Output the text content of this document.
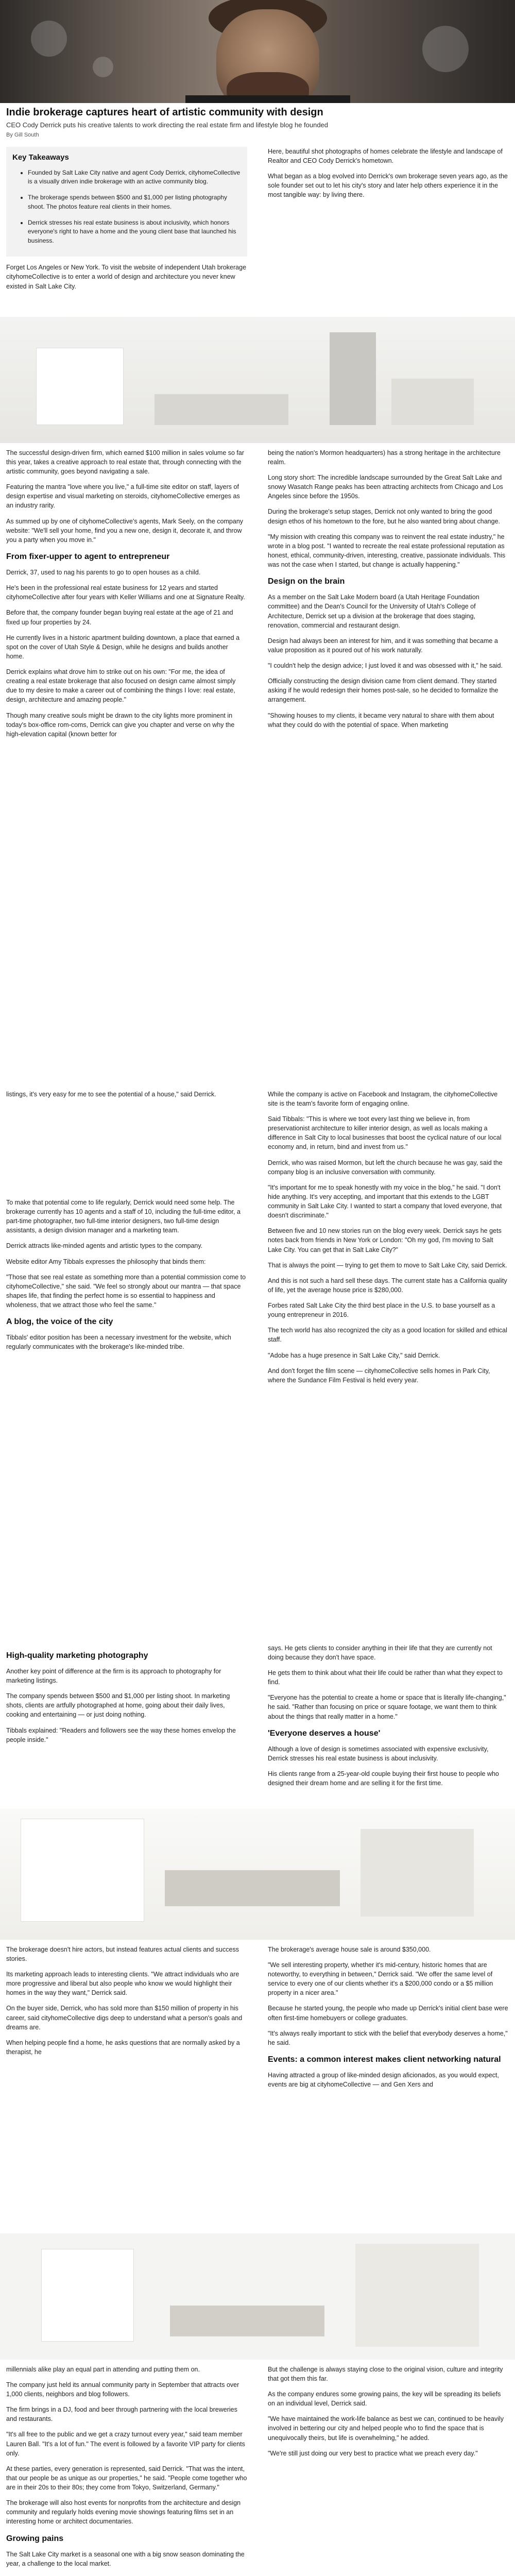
Indie brokerage captures heart of artistic community with design
CEO Cody Derrick puts his creative talents to work directing the real estate firm and lifestyle blog he founded
By Gill South
Key Takeaways
• Founded by Salt Lake City native and agent Cody Derrick, cityhomeCollective is a visually driven indie brokerage with an active community blog.
• The brokerage spends between $500 and $1,000 per listing photography shoot. The photos feature real clients in their homes.
• Derrick stresses his real estate business is about inclusivity, which honors everyone's right to have a home and the young client base that launched his business.

Forget Los Angeles or New York. To visit the website of independent Utah brokerage cityhomeCollective is to enter a world of design and architecture you never knew existed in Salt Lake City.

Here, beautiful shot photographs of homes celebrate the lifestyle and landscape of Realtor and CEO Cody Derrick's hometown.

What began as a blog evolved into Derrick's own brokerage seven years ago, as the sole founder set out to let his city's story and later help others experience it in the most tangible way: by living there.

The successful design-driven firm, which earned $100 million in sales volume so far this year, takes a creative approach to real estate that, through connecting with the artistic community, goes beyond navigating a sale.

Featuring the mantra "love where you live," a full-time site editor on staff, layers of design expertise and visual marketing on steroids, cityhomeCollective emerges as an industry rarity.

As summed up by one of cityhomeCollective's agents, Mark Seely, on the company website: "We'll sell your home, find you a new one, design it, decorate it, and throw you a party when you move in."

From fixer-upper to agent to entrepreneur

Derrick, 37, used to nag his parents to go to open houses as a child.

He's been in the professional real estate business for 12 years and started cityhomeCollective after four years with Keller Williams and one at Signature Realty.

Before that, the company founder began buying real estate at the age of 21 and fixed up four properties by 24.

He currently lives in a historic apartment building downtown, a place that earned a spot on the cover of Utah Style & Design, while he designs and builds another home.

Derrick explains what drove him to strike out on his own: "For me, the idea of creating a real estate brokerage that also focused on design came almost simply due to my desire to make a career out of combining the things I love: real estate, design, architecture and amazing people."

Though many creative souls might be drawn to the city lights more prominent in today's box-office rom-coms, Derrick can give you chapter and verse on why the high-elevation capital (known better for

being the nation's Mormon headquarters) has a strong heritage in the architecture realm.

Long story short: The incredible landscape surrounded by the Great Salt Lake and snowy Wasatch Range peaks has been attracting architects from Chicago and Los Angeles since before the 1950s.

During the brokerage's setup stages, Derrick not only wanted to bring the good design ethos of his hometown to the fore, but he also wanted bring about change.

"My mission with creating this company was to reinvent the real estate industry," he wrote in a blog post. "I wanted to recreate the real estate professional reputation as honest, ethical, community-driven, interesting, creative, passionate individuals. This was not the case when I started, but change is actually happening."

Design on the brain

As a member on the Salt Lake Modern board (a Utah Heritage Foundation committee) and the Dean's Council for the University of Utah's College of Architecture, Derrick set up a division at the brokerage that does staging, renovation, commercial and restaurant design.

Design had always been an interest for him, and it was something that became a value proposition as it poured out of his work naturally.

"I couldn't help the design advice; I just loved it and was obsessed with it," he said.

Officially constructing the design division came from client demand. They started asking if he would redesign their homes post-sale, so he decided to formalize the arrangement.

"Showing houses to my clients, it became very natural to share with them about what they could do with the potential of space. When marketing

listings, it's very easy for me to see the potential of a house," said Derrick.

To make that potential come to life regularly, Derrick would need some help. The brokerage currently has 10 agents and a staff of 10, including the full-time editor, a part-time photographer, two full-time interior designers, two full-time design assistants, a design division manager and a marketing team.

Derrick attracts like-minded agents and artistic types to the company.

Website editor Amy Tibbals expresses the philosophy that binds them:

"Those that see real estate as something more than a potential commission come to cityhomeCollective," she said. "We feel so strongly about our mantra — that space shapes life, that finding the perfect home is so essential to happiness and wholeness, that we attract those who feel the same."

A blog, the voice of the city

Tibbals' editor position has been a necessary investment for the website, which regularly communicates with the brokerage's like-minded tribe.

While the company is active on Facebook and Instagram, the cityhomeCollective site is the team's favorite form of engaging online.

Said Tibbals: "This is where we toot every last thing we believe in, from preservationist architecture to killer interior design, as well as locals making a difference in Salt City to local businesses that boost the cyclical nature of our local economy and, in return, bind and invest from us."

Derrick, who was raised Mormon, but left the church because he was gay, said the company blog is an inclusive conversation with community.

"It's important for me to speak honestly with my voice in the blog," he said. "I don't hide anything. It's very accepting, and important that this extends to the LGBT community in Salt Lake City. I wanted to start a company that loved everyone, that doesn't discriminate."

Between five and 10 new stories run on the blog every week. Derrick says he gets notes back from friends in New York or London: "Oh my god, I'm moving to Salt Lake City. You can get that in Salt Lake City?"

That is always the point — trying to get them to move to Salt Lake City, said Derrick.

And this is not such a hard sell these days. The current state has a California quality of life, yet the average house price is $280,000.

Forbes rated Salt Lake City the third best place in the U.S. to base yourself as a young entrepreneur in 2016.

The tech world has also recognized the city as a good location for skilled and ethical staff.

"Adobe has a huge presence in Salt Lake City," said Derrick.

And don't forget the film scene — cityhomeCollective sells homes in Park City, where the Sundance Film Festival is held every year.

High-quality marketing photography

Another key point of difference at the firm is its approach to photography for marketing listings.

The company spends between $500 and $1,000 per listing shoot. In marketing shots, clients are artfully photographed at home, going about their daily lives, cooking and entertaining — or just doing nothing.

Tibbals explained: "Readers and followers see the way these homes envelop the people inside."

says. He gets clients to consider anything in their life that they are currently not doing because they don't have space.

He gets them to think about what their life could be rather than what they expect to find.

"Everyone has the potential to create a home or space that is literally life-changing," he said. "Rather than focusing on price or square footage, we want them to think about the things that really matter in a home."

'Everyone deserves a house'

Although a love of design is sometimes associated with expensive exclusivity, Derrick stresses his real estate business is about inclusivity.

His clients range from a 25-year-old couple buying their first house to people who designed their dream home and are selling it for the first time.

The brokerage doesn't hire actors, but instead features actual clients and success stories.

Its marketing approach leads to interesting clients. "We attract individuals who are more progressive and liberal but also people who know we would highlight their homes in the way they want," Derrick said.

On the buyer side, Derrick, who has sold more than $150 million of property in his career, said cityhomeCollective digs deep to understand what a person's goals and dreams are.

When helping people find a home, he asks questions that are normally asked by a therapist, he

The brokerage's average house sale is around $350,000.

"We sell interesting property, whether it's mid-century, historic homes that are noteworthy, to everything in between," Derrick said. "We offer the same level of service to every one of our clients whether it's a $200,000 condo or a $5 million property in a nicer area."

Because he started young, the people who made up Derrick's initial client base were often first-time homebuyers or college graduates.

"It's always really important to stick with the belief that everybody deserves a home," he said.

Events: a common interest makes client networking natural

Having attracted a group of like-minded design aficionados, as you would expect, events are big at cityhomeCollective — and Gen Xers and

millennials alike play an equal part in attending and putting them on.

The company just held its annual community party in September that attracts over 1,000 clients, neighbors and blog followers.

The firm brings in a DJ, food and beer through partnering with the local breweries and restaurants.

"It's all free to the public and we get a crazy turnout every year," said team member Lauren Ball. "It's a lot of fun." The event is followed by a favorite VIP party for clients only.

At these parties, every generation is represented, said Derrick. "That was the intent, that our people be as unique as our properties," he said. "People come together who are in their 20s to their 80s; they come from Tokyo, Switzerland, Germany."

The brokerage will also host events for nonprofits from the architecture and design community and regularly holds evening movie showings featuring films set in an interesting home or architect documentaries.

Growing pains

The Salt Lake City market is a seasonal one with a big snow season dominating the year, a challenge to the local market.

But the challenge is always staying close to the original vision, culture and integrity that got them this far.

As the company endures some growing pains, the key will be spreading its beliefs on an individual level, Derrick said.

"We have maintained the work-life balance as best we can, continued to be heavily involved in bettering our city and helped people who to find the space that is unequivocally theirs, but life is overwhelming," he added.

"We're still just doing our very best to practice what we preach every day."
